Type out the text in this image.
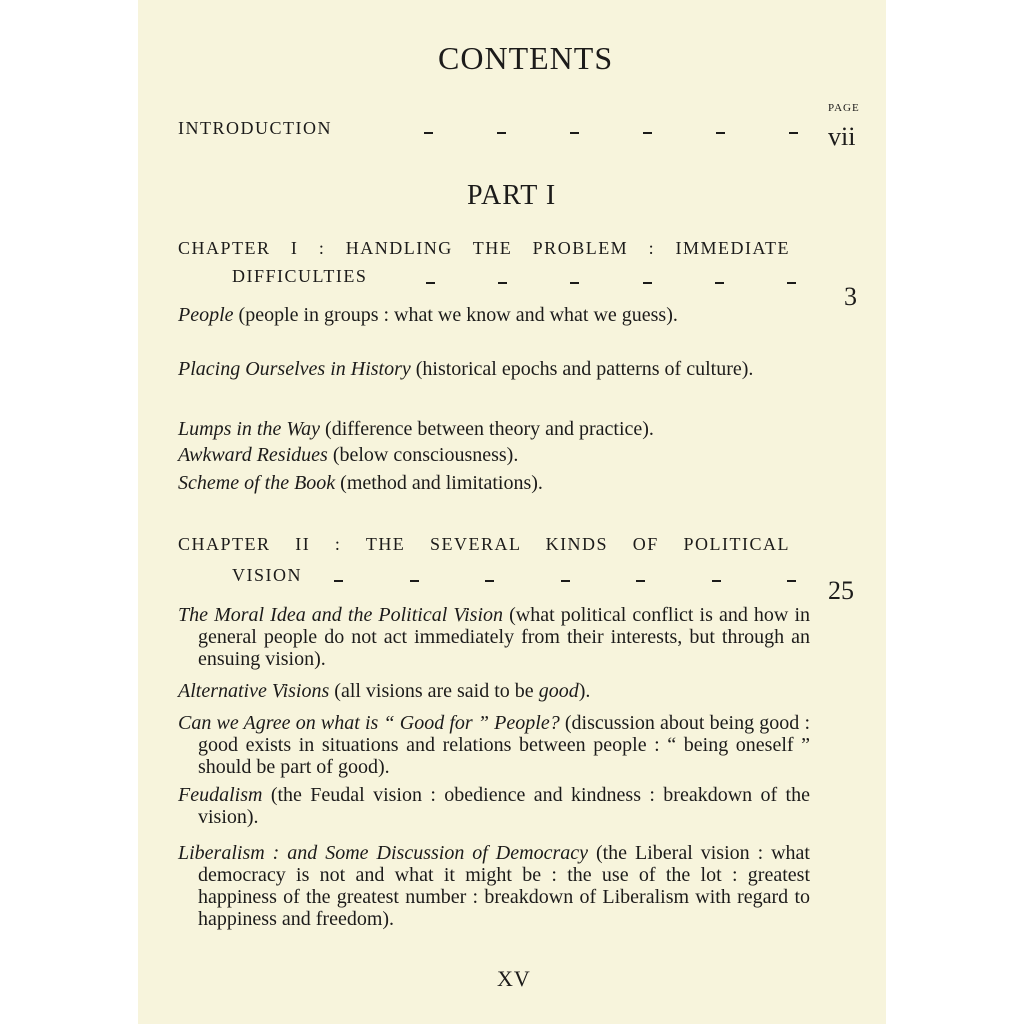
CONTENTS
PAGE
INTRODUCTION	vii
PART I
CHAPTER I : HANDLING THE PROBLEM : IMMEDIATE
DIFFICULTIES
3
People (people in groups : what we know and what we guess).
Placing Ourselves in History (historical epochs and patterns of culture).
Lumps in the Way (difference between theory and practice).
Awkward Residues (below consciousness).
Scheme of the Book (method and limitations).
CHAPTER II : THE SEVERAL KINDS OF POLITICAL
VISION
25
The Moral Idea and the Political Vision (what political conflict is and how in general people do not act immediately from their interests, but through an ensuing vision).
Alternative Visions (all visions are said to be good).
Can we Agree on what is “ Good for ” People? (discussion about being good : good exists in situations and relations between people : “ being oneself ” should be part of good).
Feudalism (the Feudal vision : obedience and kindness : breakdown of the vision).
Liberalism : and Some Discussion of Democracy (the Liberal vision : what democracy is not and what it might be : the use of the lot : greatest happiness of the greatest number : breakdown of Liberalism with regard to happiness and freedom).
XV
